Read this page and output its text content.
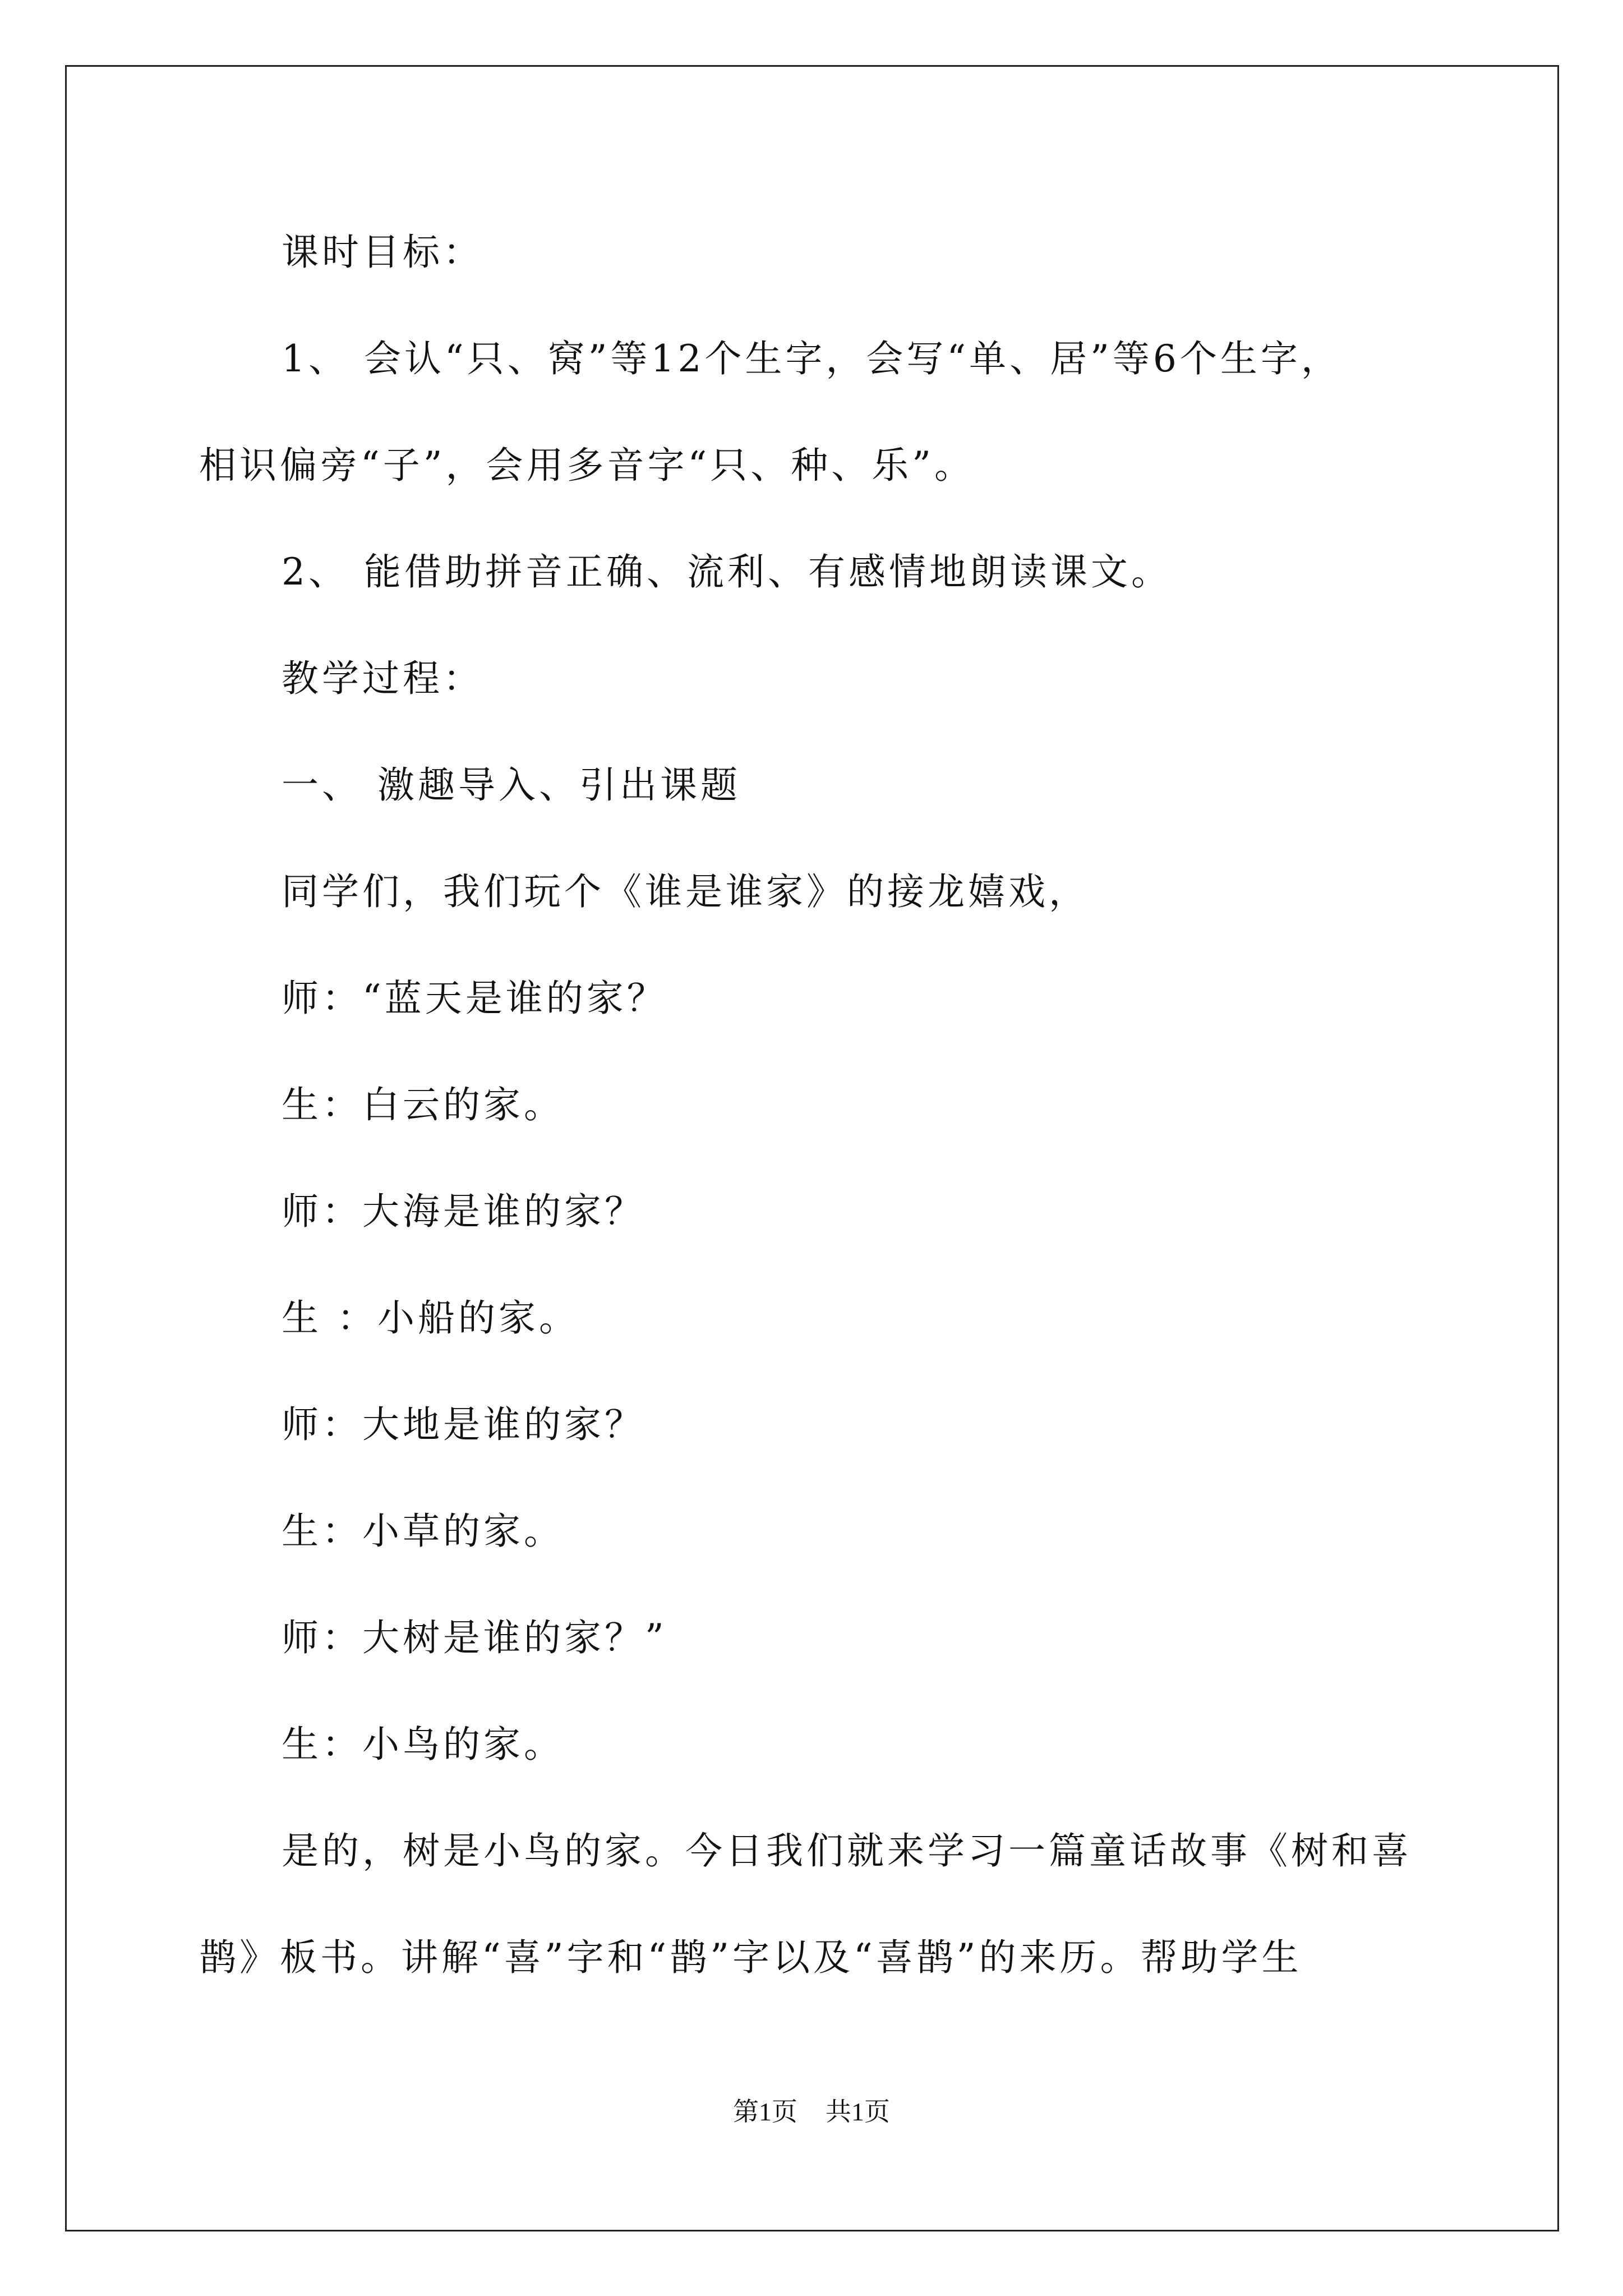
课时目标：
1、 会认“只、窝”等12个生字，会写“单、居”等6个生字，
相识偏旁“子”，会用多音字“只、种、乐”。
2、 能借助拼音正确、流利、有感情地朗读课文。
教学过程：
一、 激趣导入、引出课题
同学们，我们玩个《谁是谁家》的接龙嬉戏，
师：“蓝天是谁的家？
生：白云的家。
师：大海是谁的家？
生 ：小船的家。
师：大地是谁的家？
生：小草的家。
师：大树是谁的家？”
生：小鸟的家。
是的，树是小鸟的家。今日我们就来学习一篇童话故事《树和喜
鹊》板书。讲解“喜”字和“鹊”字以及“喜鹊”的来历。帮助学生
第1页 共1页
